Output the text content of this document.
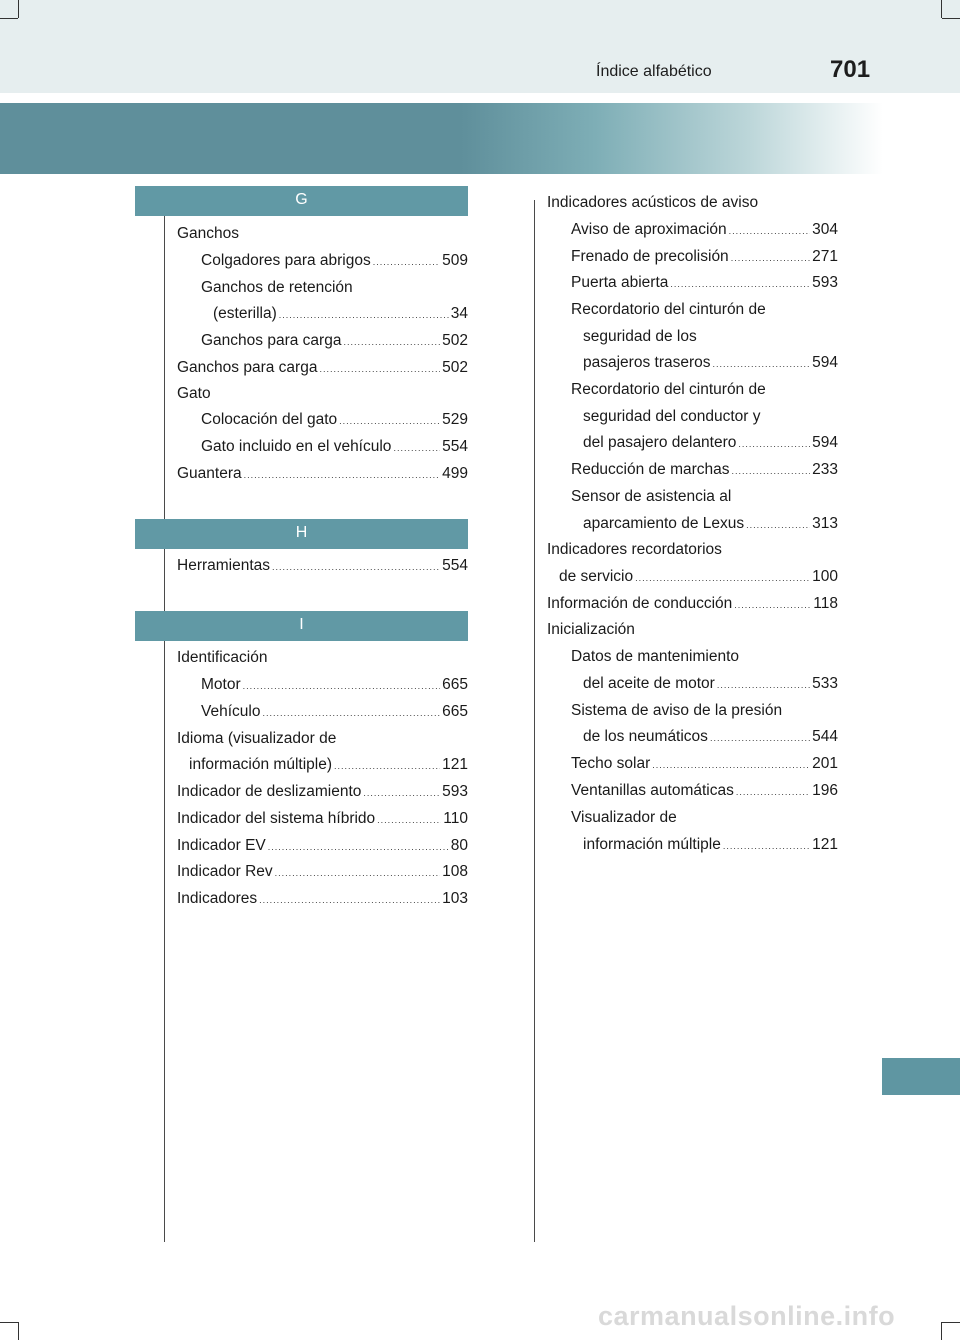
Índice alfabético	701
G
Ganchos
Colgadores para abrigos .....	509
Ganchos de retención
(esterilla) .....	34
Ganchos para carga .....	502
Ganchos para carga .....	502
Gato
Colocación del gato .....	529
Gato incluido en el vehículo .....	554
Guantera .....	499
H
Herramientas .....	554
I
Identificación
Motor .....	665
Vehículo .....	665
Idioma (visualizador de
información múltiple) .....	121
Indicador de deslizamiento .....	593
Indicador del sistema híbrido .....	110
Indicador EV .....	80
Indicador Rev .....	108
Indicadores .....	103
Indicadores acústicos de aviso
Aviso de aproximación .....	304
Frenado de precolisión .....	271
Puerta abierta .....	593
Recordatorio del cinturón de
seguridad de los
pasajeros traseros .....	594
Recordatorio del cinturón de
seguridad del conductor y
del pasajero delantero .....	594
Reducción de marchas .....	233
Sensor de asistencia al
aparcamiento de Lexus .....	313
Indicadores recordatorios
de servicio .....	100
Información de conducción .....	118
Inicialización
Datos de mantenimiento
del aceite de motor .....	533
Sistema de aviso de la presión
de los neumáticos .....	544
Techo solar .....	201
Ventanillas automáticas .....	196
Visualizador de
información múltiple .....	121
carmanualsonline.info
